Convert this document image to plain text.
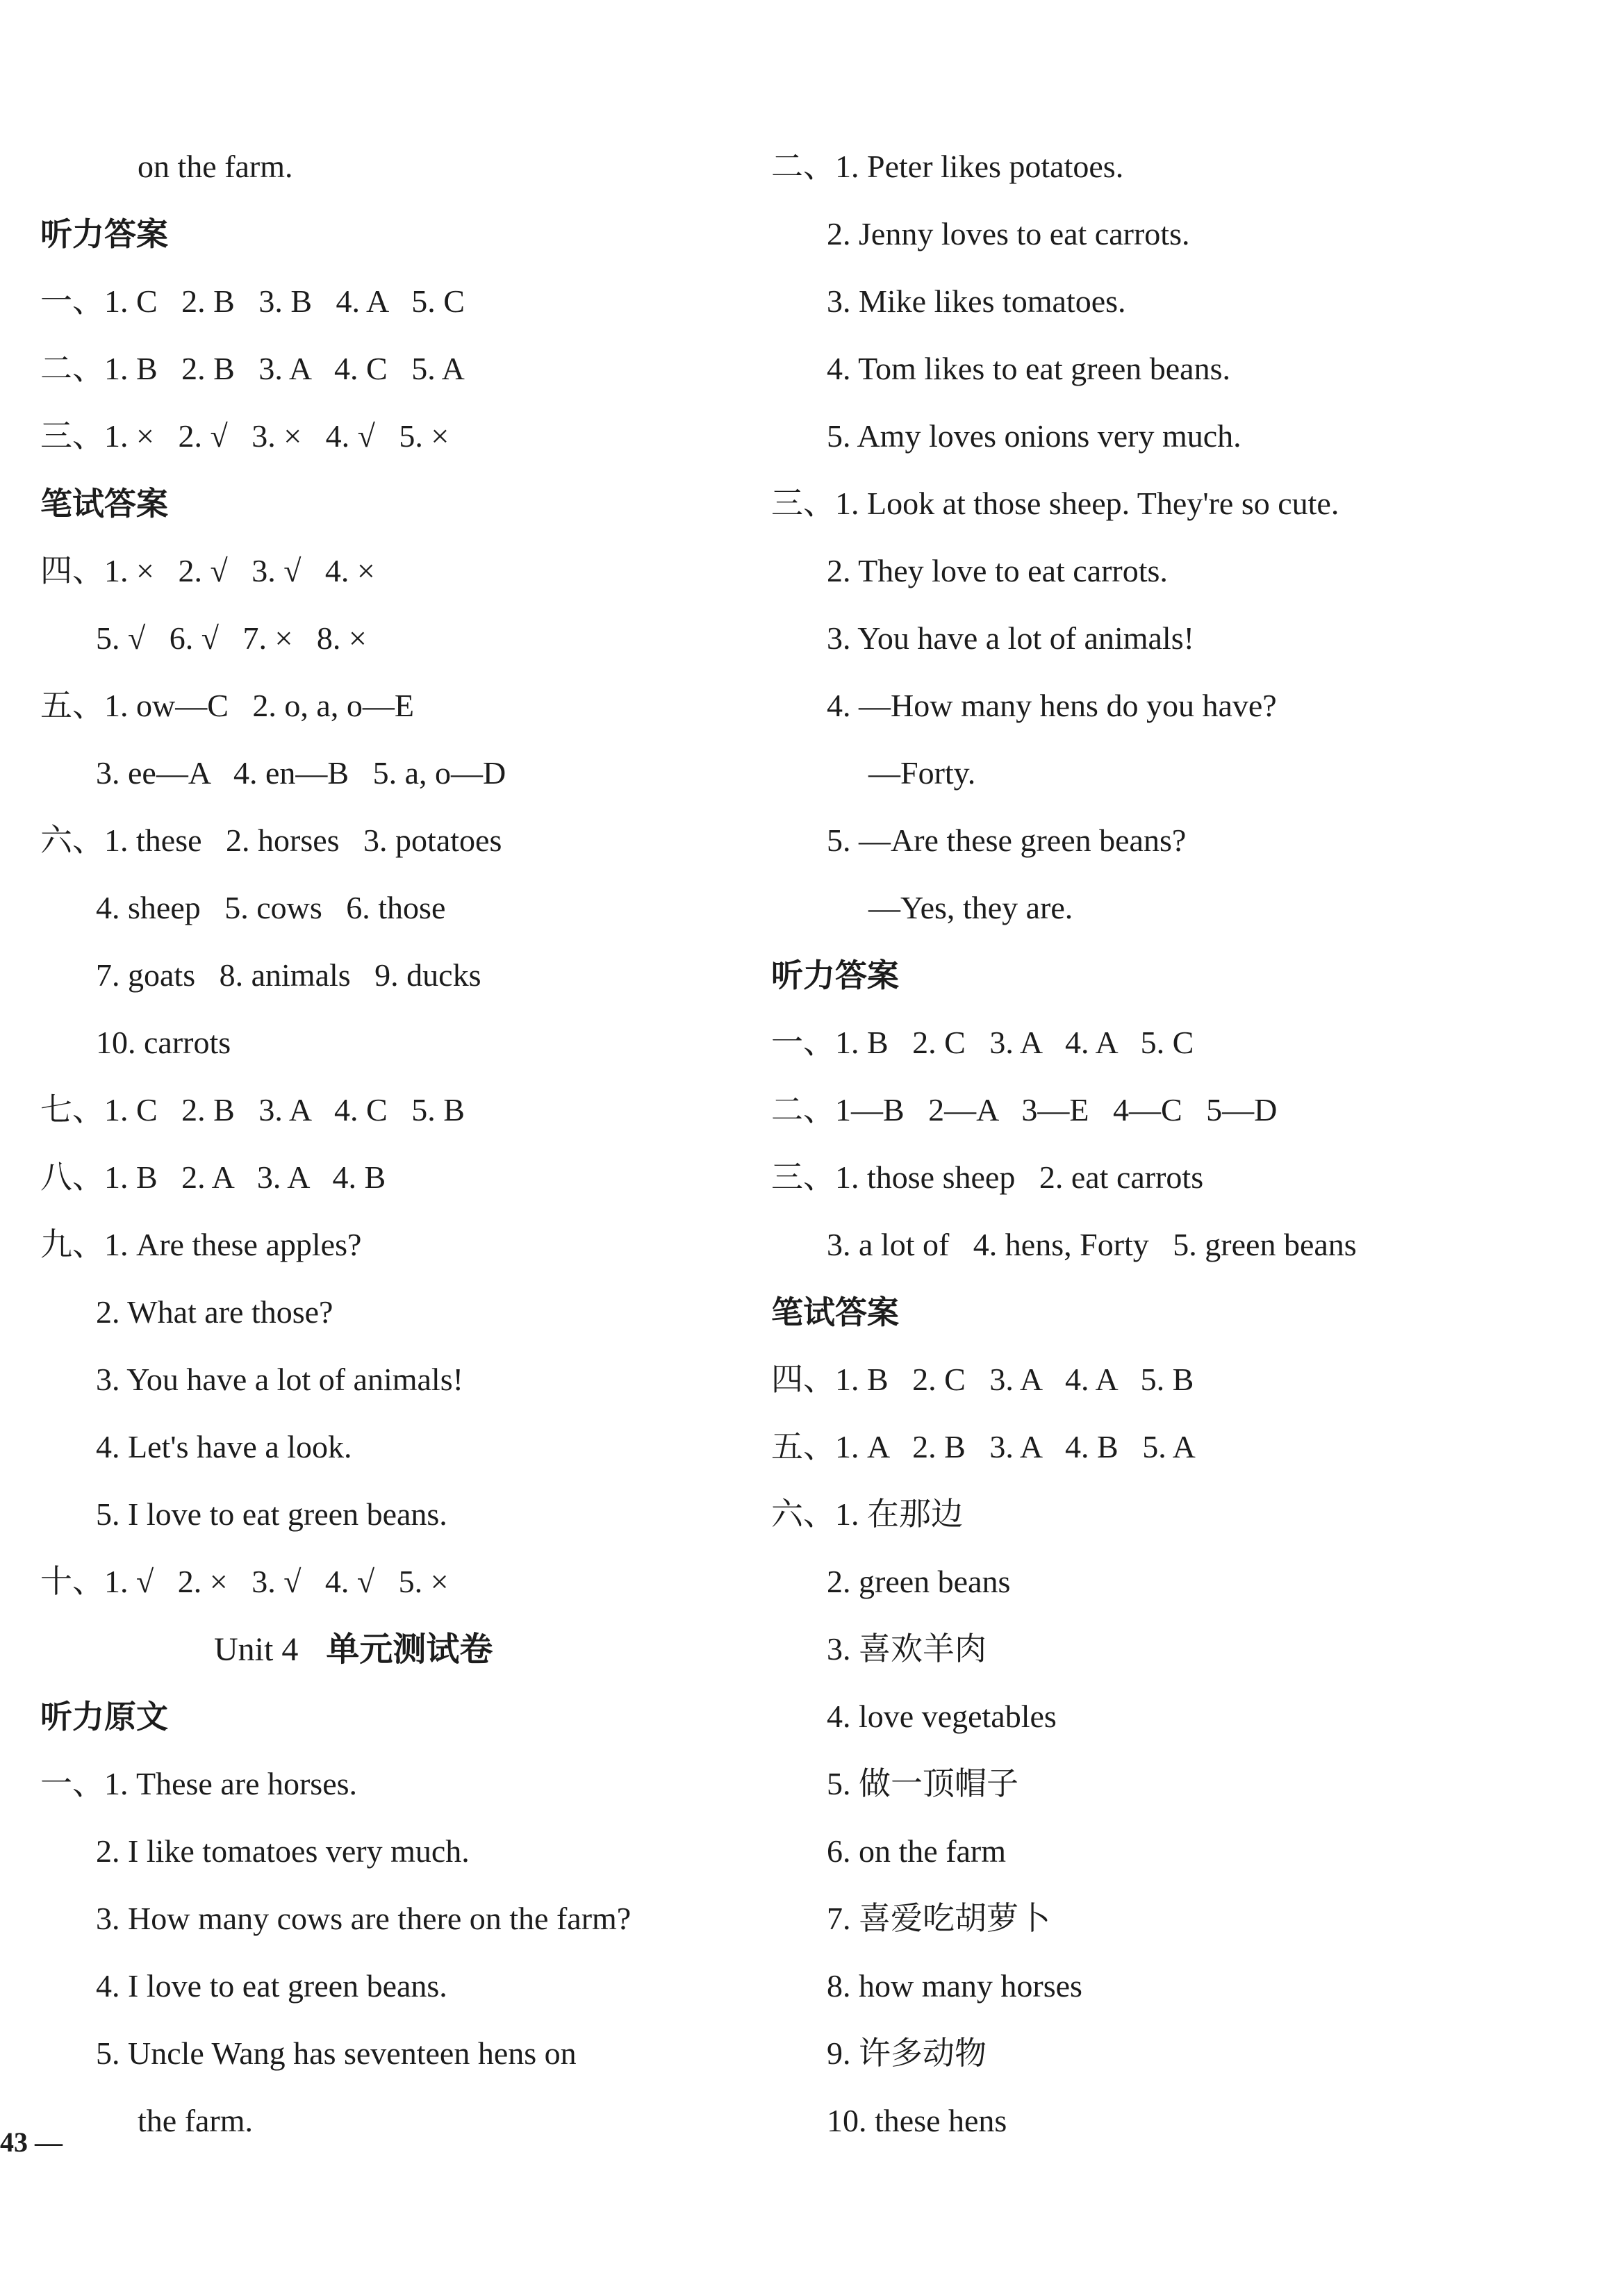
on the farm.
听力答案
一、1. C   2. B   3. B   4. A   5. C
二、1. B   2. B   3. A   4. C   5. A
三、1. ×   2. √   3. ×   4. √   5. ×
笔试答案
四、1. ×   2. √   3. √   4. ×
5. √   6. √   7. ×   8. ×
五、1. ow—C   2. o, a, o—E
3. ee—A   4. en—B   5. a, o—D
六、1. these   2. horses   3. potatoes
4. sheep   5. cows   6. those
7. goats   8. animals   9. ducks
10. carrots
七、1. C   2. B   3. A   4. C   5. B
八、1. B   2. A   3. A   4. B
九、1. Are these apples?
2. What are those?
3. You have a lot of animals!
4. Let's have a look.
5. I love to eat green beans.
十、1. √   2. ×   3. √   4. √   5. ×
Unit 4 单元测试卷
听力原文
一、1. These are horses.
2. I like tomatoes very much.
3. How many cows are there on the farm?
4. I love to eat green beans.
5. Uncle Wang has seventeen hens on
the farm.
二、1. Peter likes potatoes.
2. Jenny loves to eat carrots.
3. Mike likes tomatoes.
4. Tom likes to eat green beans.
5. Amy loves onions very much.
三、1. Look at those sheep. They're so cute.
2. They love to eat carrots.
3. You have a lot of animals!
4. —How many hens do you have?
—Forty.
5. —Are these green beans?
—Yes, they are.
听力答案
一、1. B   2. C   3. A   4. A   5. C
二、1—B   2—A   3—E   4—C   5—D
三、1. those sheep   2. eat carrots
3. a lot of   4. hens, Forty   5. green beans
笔试答案
四、1. B   2. C   3. A   4. A   5. B
五、1. A   2. B   3. A   4. B   5. A
六、1. 在那边
2. green beans
3. 喜欢羊肉
4. love vegetables
5. 做一顶帽子
6. on the farm
7. 喜爱吃胡萝卜
8. how many horses
9. 许多动物
10. these hens
43 —
